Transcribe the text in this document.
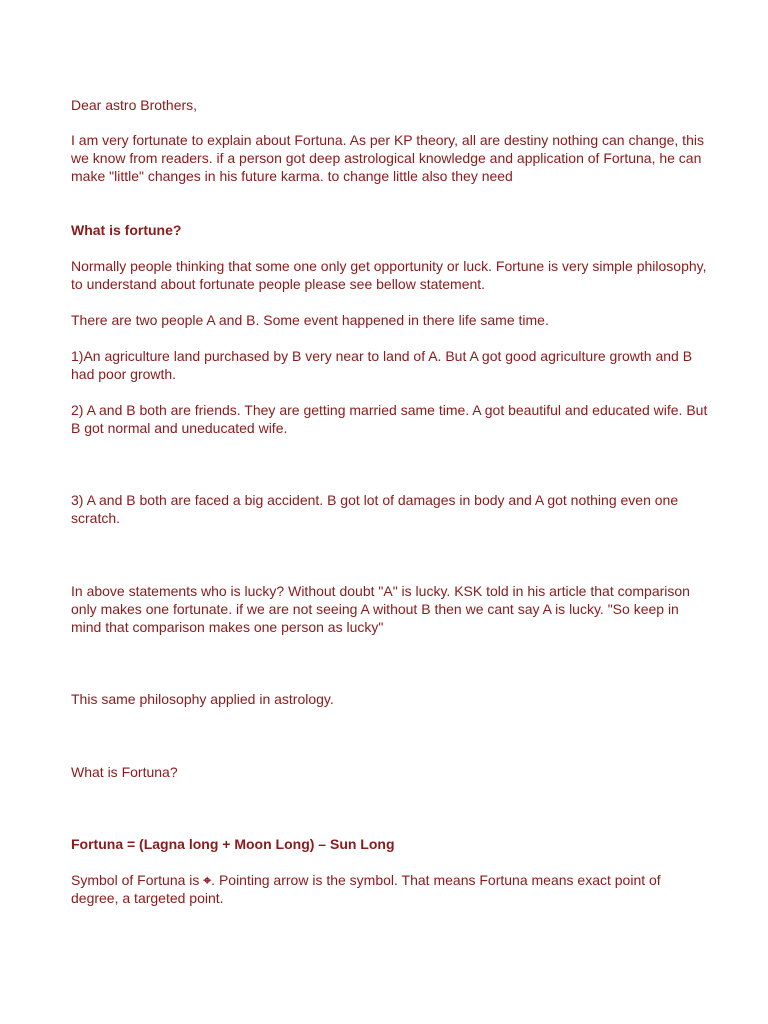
Dear astro Brothers,

I am very fortunate to explain about Fortuna. As per KP theory, all are destiny nothing can change, this we know from readers. if a person got deep astrological knowledge and application of Fortuna, he can make "little" changes in his future karma. to change little also they need

What is fortune?

Normally people thinking that some one only get opportunity or luck. Fortune is very simple philosophy, to understand about fortunate people please see bellow statement.

There are two people A and B. Some event happened in there life same time.

1)An agriculture land purchased by B very near to land of A. But A got good agriculture growth and B had poor growth.

2) A and B both are friends. They are getting married same time. A got beautiful and educated wife. But B got normal and uneducated wife.

3) A and B both are faced a big accident. B got lot of damages in body and A got nothing even one scratch.

In above statements who is lucky? Without doubt "A" is lucky. KSK told in his article that comparison only makes one fortunate. if we are not seeing A without B then we cant say A is lucky. "So keep in mind that comparison makes one person as lucky"

This same philosophy applied in astrology.

What is Fortuna?

Fortuna = (Lagna long + Moon Long) – Sun Long

Symbol of Fortuna is ⌖. Pointing arrow is the symbol. That means Fortuna means exact point of degree, a targeted point.
